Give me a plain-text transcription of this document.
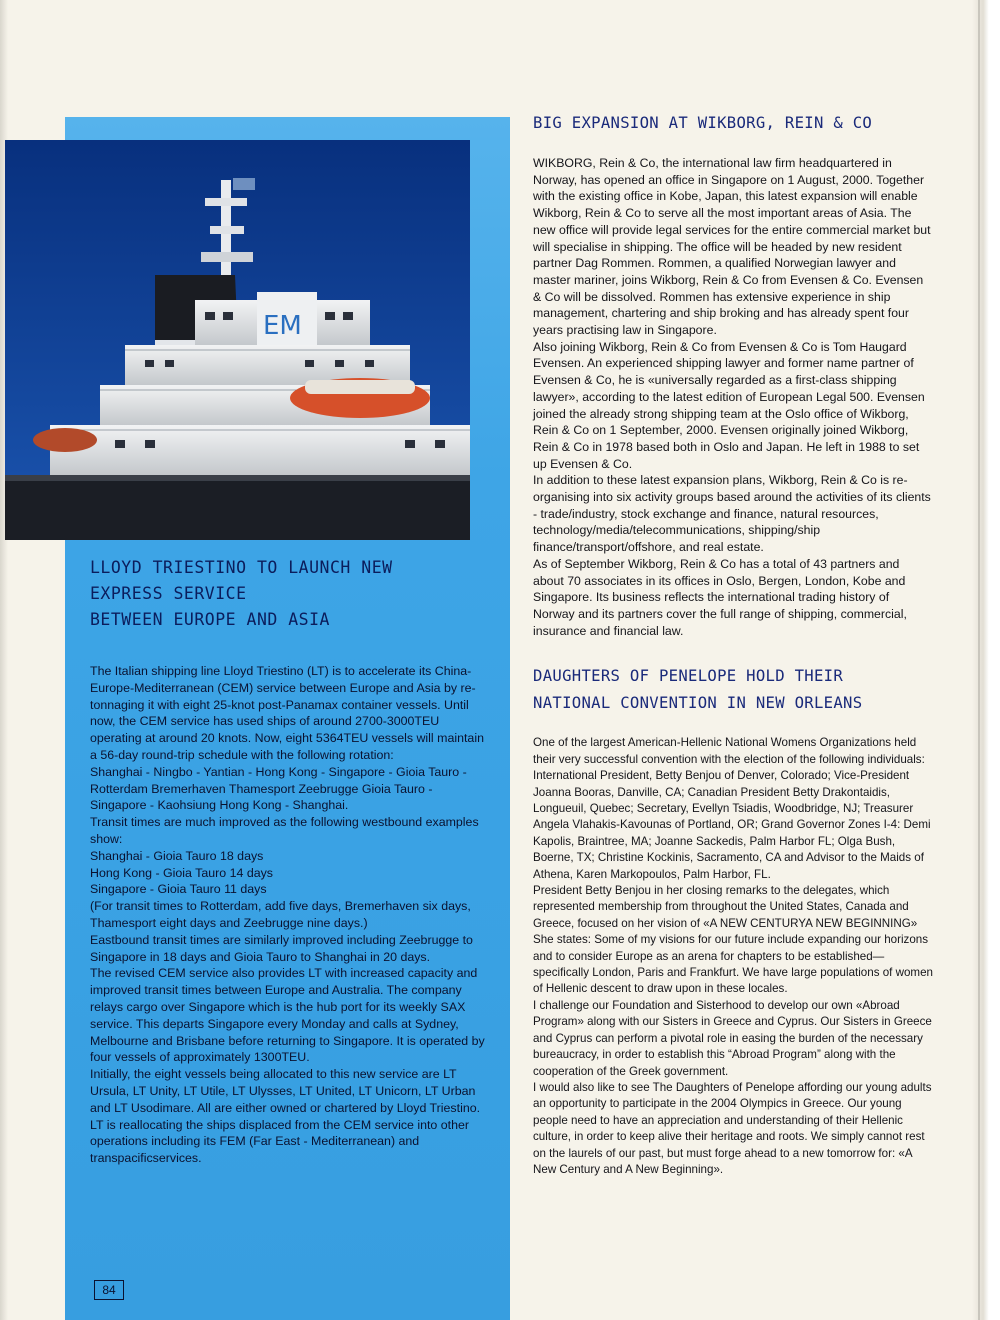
EM
LLOYD TRIESTINO TO LAUNCH NEW
EXPRESS SERVICE
BETWEEN EUROPE AND ASIA

The Italian shipping line Lloyd Triestino (LT) is to accelerate its China-Europe-Mediterranean (CEM) service between Europe and Asia by re-tonnaging it with eight 25-knot post-Panamax container vessels. Until now, the CEM service has used ships of around 2700-3000TEU operating at around 20 knots. Now, eight 5364TEU vessels will maintain a 56-day round-trip schedule with the following rotation:

Shanghai - Ningbo - Yantian - Hong Kong - Singapore - Gioia Tauro - Rotterdam Bremerhaven Thamesport Zeebrugge Gioia Tauro - Singapore - Kaohsiung Hong Kong - Shanghai.

Transit times are much improved as the following westbound examples show:

Shanghai - Gioia Tauro 18 days

Hong Kong - Gioia Tauro 14 days

Singapore - Gioia Tauro 11 days

(For transit times to Rotterdam, add five days, Bremerhaven six days, Thamesport eight days and Zeebrugge nine days.)

Eastbound transit times are similarly improved including Zeebrugge to Singapore in 18 days and Gioia Tauro to Shanghai in 20 days.

The revised CEM service also provides LT with increased capacity and improved transit times between Europe and Australia. The company relays cargo over Singapore which is the hub port for its weekly SAX service. This departs Singapore every Monday and calls at Sydney, Melbourne and Brisbane before returning to Singapore. It is operated by four vessels of approximately 1300TEU.

Initially, the eight vessels being allocated to this new service are LT Ursula, LT Unity, LT Utile, LT Ulysses, LT United, LT Unicorn, LT Urban and LT Usodimare. All are either owned or chartered by Lloyd Triestino.

LT is reallocating the ships displaced from the CEM service into other operations including its FEM (Far East - Mediterranean) and transpacificservices.

84
BIG EXPANSION AT WIKBORG, REIN & CO

WIKBORG, Rein & Co, the international law firm headquartered in Norway, has opened an office in Singapore on 1 August, 2000. Together with the existing office in Kobe, Japan, this latest expansion will enable Wikborg, Rein & Co to serve all the most important areas of Asia. The new office will provide legal services for the entire commercial market but will specialise in shipping. The office will be headed by new resident partner Dag Rommen. Rommen, a qualified Norwegian lawyer and master mariner, joins Wikborg, Rein & Co from Evensen & Co. Evensen & Co will be dissolved. Rommen has extensive experience in ship management, chartering and ship broking and has already spent four years practising law in Singapore.

Also joining Wikborg, Rein & Co from Evensen & Co is Tom Haugard Evensen. An experienced shipping lawyer and former name partner of Evensen & Co, he is «universally regarded as a first-class shipping lawyer», according to the latest edition of European Legal 500. Evensen joined the already strong shipping team at the Oslo office of Wikborg, Rein & Co on 1 September, 2000. Evensen originally joined Wikborg, Rein & Co in 1978 based both in Oslo and Japan. He left in 1988 to set up Evensen & Co.

In addition to these latest expansion plans, Wikborg, Rein & Co is re-organising into six activity groups based around the activities of its clients - trade/industry, stock exchange and finance, natural resources, technology/media/telecommunications, shipping/ship finance/transport/offshore, and real estate.

As of September Wikborg, Rein & Co has a total of 43 partners and about 70 associates in its offices in Oslo, Bergen, London, Kobe and Singapore. Its business reflects the international trading history of Norway and its partners cover the full range of shipping, commercial, insurance and financial law.

DAUGHTERS OF PENELOPE HOLD THEIR
NATIONAL CONVENTION IN NEW ORLEANS

One of the largest American-Hellenic National Womens Organizations held their very successful convention with the election of the following individuals: International President, Betty Benjou of Denver, Colorado; Vice-President Joanna Booras, Danville, CA; Canadian President Betty Drakontaidis, Longueuil, Quebec; Secretary, Evellyn Tsiadis, Woodbridge, NJ; Treasurer Angela Vlahakis-Kavounas of Portland, OR; Grand Governor Zones I-4: Demi Kapolis, Braintree, MA; Joanne Sackedis, Palm Harbor FL; Olga Bush, Boerne, TX; Christine Kockinis, Sacramento, CA and Advisor to the Maids of Athena, Karen Markopoulos, Palm Harbor, FL.

President Betty Benjou in her closing remarks to the delegates, which represented membership from throughout the United States, Canada and Greece, focused on her vision of «A NEW CENTURYA NEW BEGINNING»

She states: Some of my visions for our future include expanding our horizons and to consider Europe as an arena for chapters to be established—specifically London, Paris and Frankfurt. We have large populations of women of Hellenic descent to draw upon in these locales.

I challenge our Foundation and Sisterhood to develop our own «Abroad Program» along with our Sisters in Greece and Cyprus. Our Sisters in Greece and Cyprus can perform a pivotal role in easing the burden of the necessary bureaucracy, in order to establish this “Abroad Program” along with the cooperation of the Greek government.

I would also like to see The Daughters of Penelope affording our young adults an opportunity to participate in the 2004 Olympics in Greece. Our young people need to have an appreciation and understanding of their Hellenic culture, in order to keep alive their heritage and roots. We simply cannot rest on the laurels of our past, but must forge ahead to a new tomorrow for: «A New Century and A New Beginning».
